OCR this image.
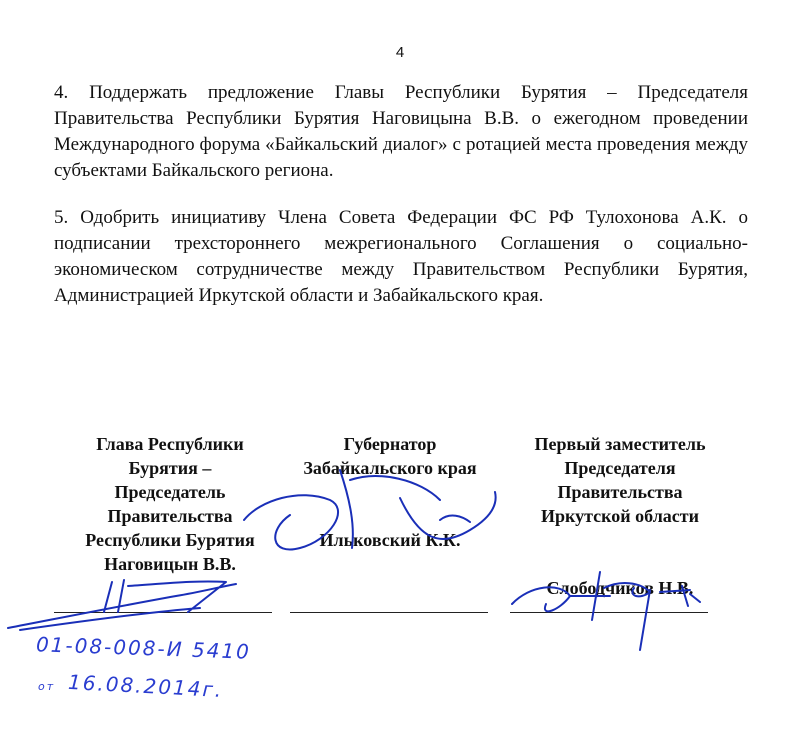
4
4. Поддержать предложение Главы Республики Бурятия – Председателя Правительства Республики Бурятия Наговицына В.В. о ежегодном проведении Международного форума «Байкальский диалог» с ротацией места проведения между субъектами Байкальского региона.
5. Одобрить инициативу Члена Совета Федерации ФС РФ Тулохонова А.К. о подписании трехстороннего межрегионального Соглашения о социально-экономическом сотрудничестве между Правительством Республики Бурятия, Администрацией Иркутской области и Забайкальского края.
Глава Республики
Бурятия –
Председатель
Правительства
Республики Бурятия
Наговицын В.В.
Губернатор
Забайкальского края
Ильковский К.К.
Первый заместитель
Председателя
Правительства
Иркутской области
Слободчиков Н.В.
01-08-008-И 5410
от 16.08.2014г.
